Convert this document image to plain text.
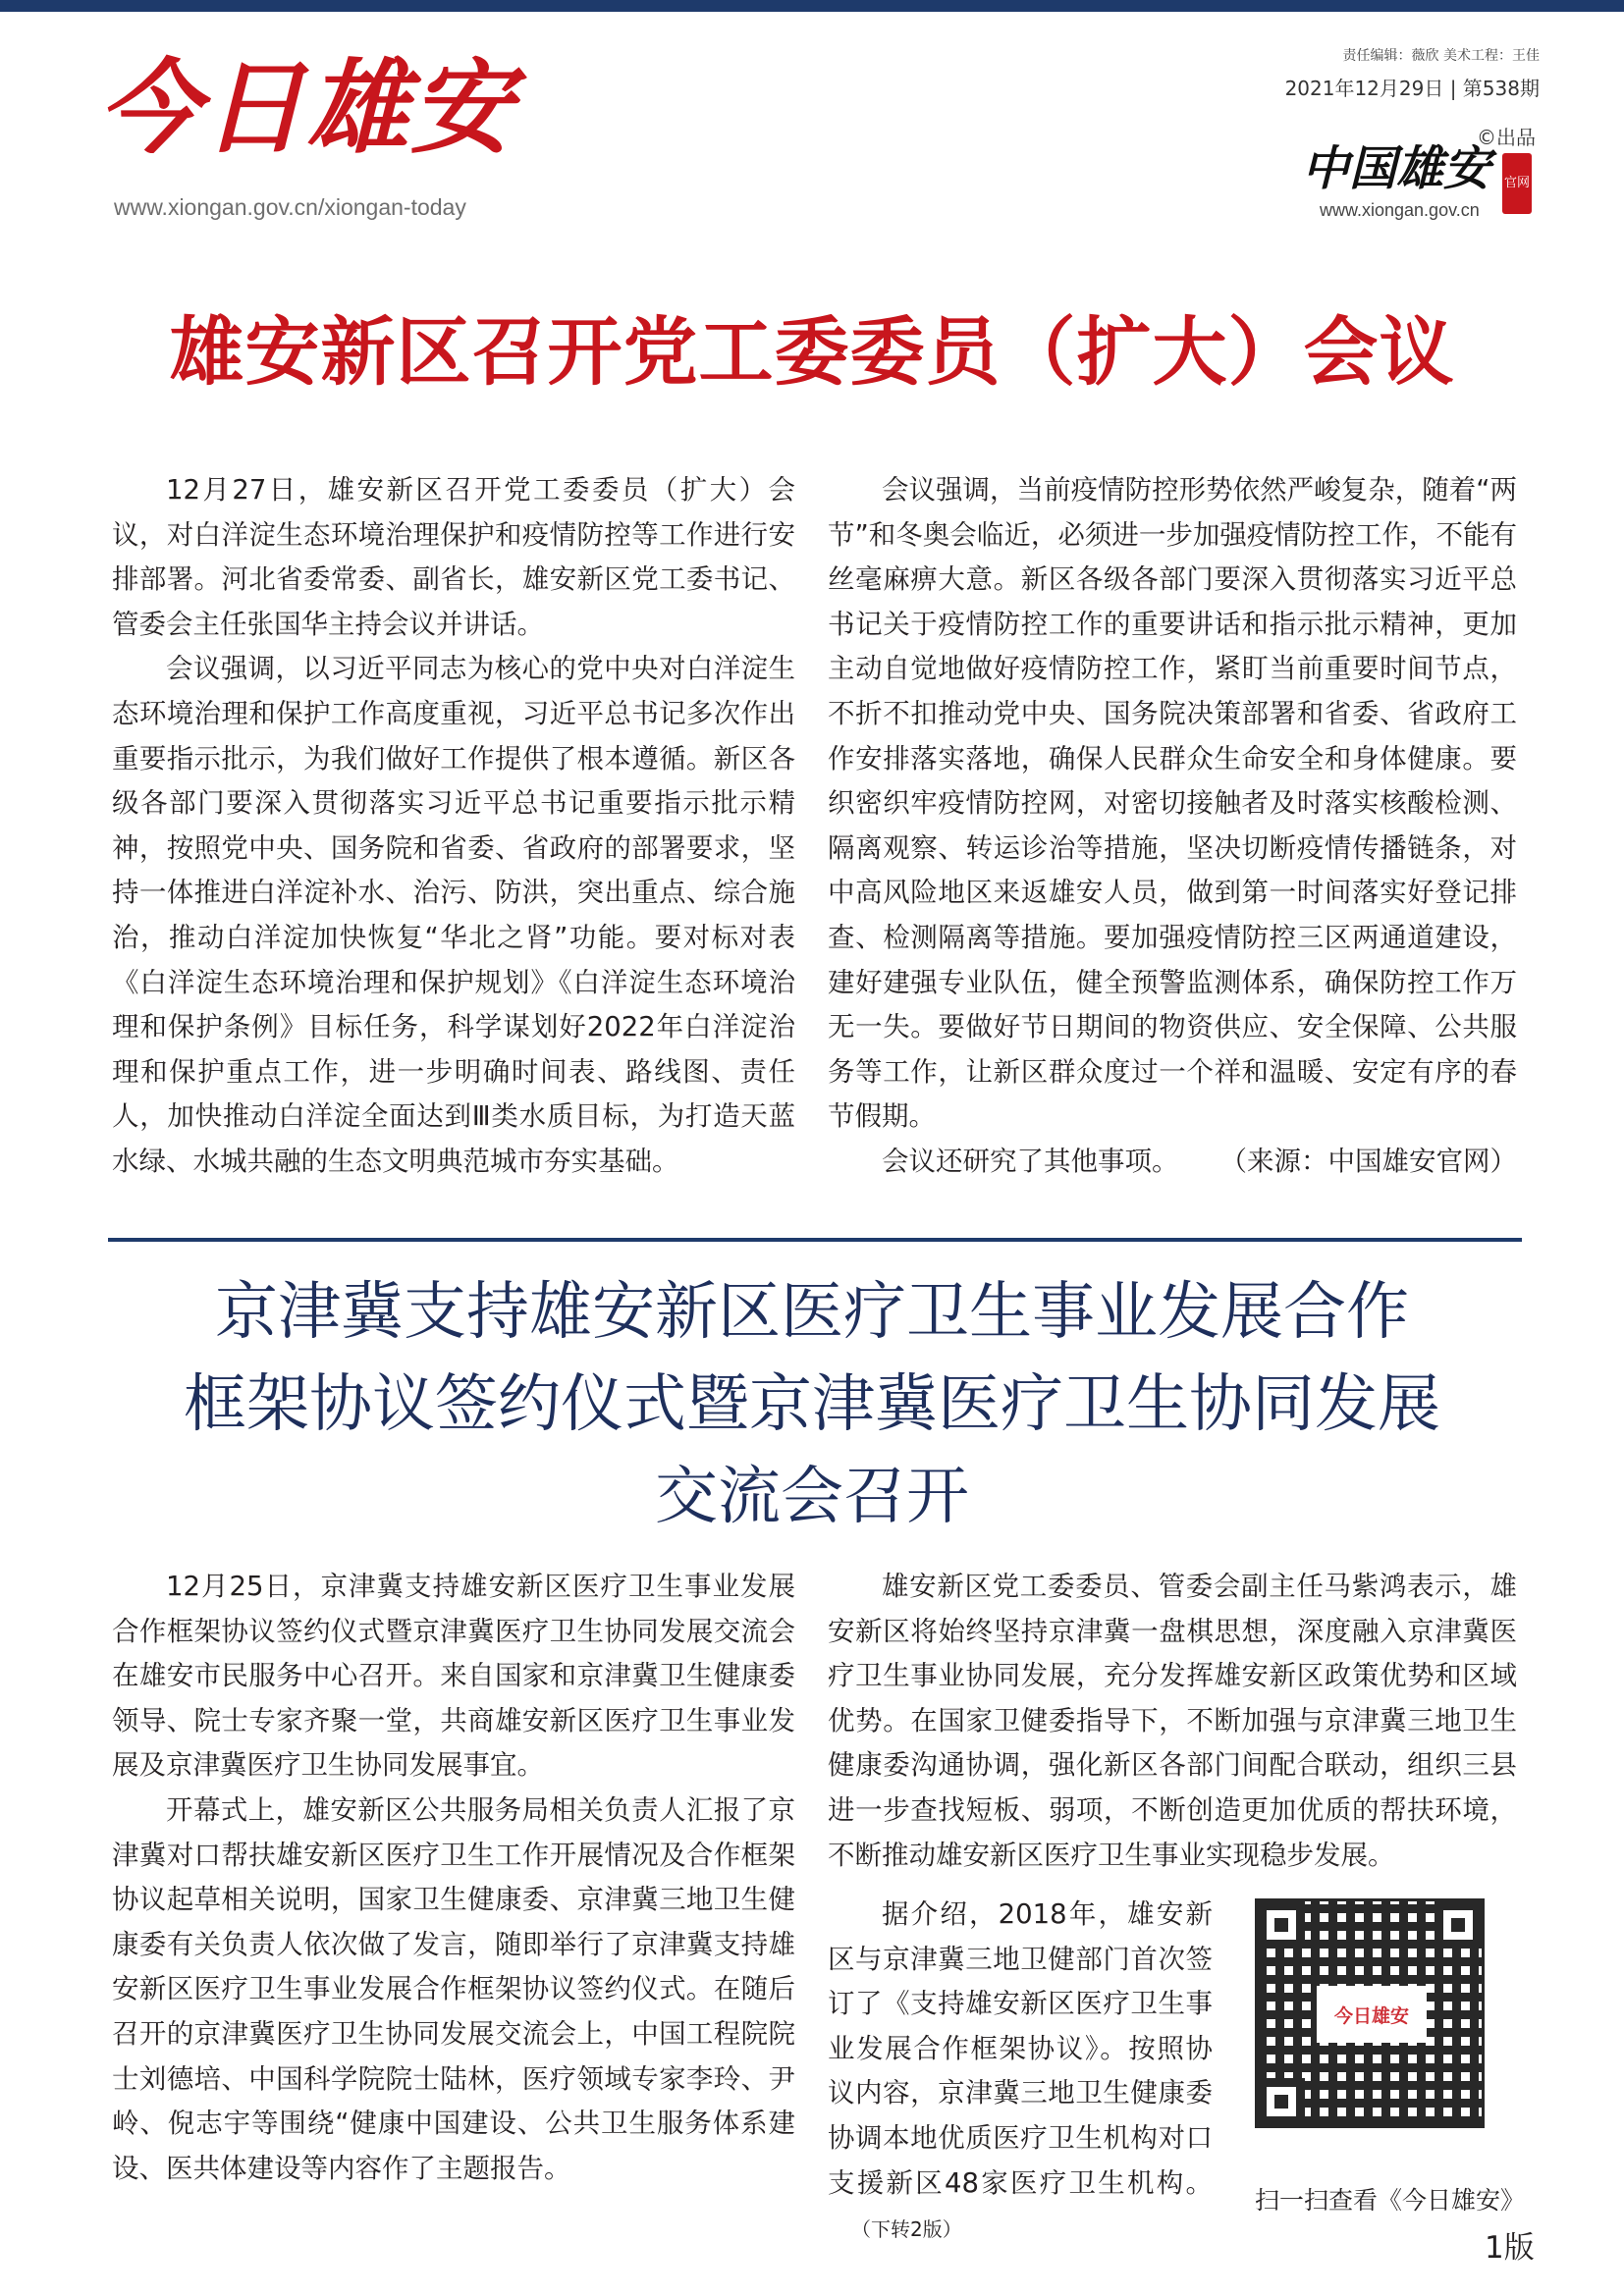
今日雄安
www.xiongan.gov.cn/xiongan-today
责任编辑：薇欣 美术工程：王佳
2021年12月29日 | 第538期
©出品
中国雄安 官网
www.xiongan.gov.cn
雄安新区召开党工委委员（扩大）会议

12月27日，雄安新区召开党工委委员（扩大）会议，对白洋淀生态环境治理保护和疫情防控等工作进行安排部署。河北省委常委、副省长，雄安新区党工委书记、管委会主任张国华主持会议并讲话。

会议强调，以习近平同志为核心的党中央对白洋淀生态环境治理和保护工作高度重视，习近平总书记多次作出重要指示批示，为我们做好工作提供了根本遵循。新区各级各部门要深入贯彻落实习近平总书记重要指示批示精神，按照党中央、国务院和省委、省政府的部署要求，坚持一体推进白洋淀补水、治污、防洪，突出重点、综合施治，推动白洋淀加快恢复“华北之肾”功能。要对标对表《白洋淀生态环境治理和保护规划》《白洋淀生态环境治理和保护条例》目标任务，科学谋划好2022年白洋淀治理和保护重点工作，进一步明确时间表、路线图、责任人，加快推动白洋淀全面达到Ⅲ类水质目标，为打造天蓝水绿、水城共融的生态文明典范城市夯实基础。

会议强调，当前疫情防控形势依然严峻复杂，随着“两节”和冬奥会临近，必须进一步加强疫情防控工作，不能有丝毫麻痹大意。新区各级各部门要深入贯彻落实习近平总书记关于疫情防控工作的重要讲话和指示批示精神，更加主动自觉地做好疫情防控工作，紧盯当前重要时间节点，不折不扣推动党中央、国务院决策部署和省委、省政府工作安排落实落地，确保人民群众生命安全和身体健康。要织密织牢疫情防控网，对密切接触者及时落实核酸检测、隔离观察、转运诊治等措施，坚决切断疫情传播链条，对中高风险地区来返雄安人员，做到第一时间落实好登记排查、检测隔离等措施。要加强疫情防控三区两通道建设，建好建强专业队伍，健全预警监测体系，确保防控工作万无一失。要做好节日期间的物资供应、安全保障、公共服务等工作，让新区群众度过一个祥和温暖、安定有序的春节假期。

会议还研究了其他事项。 （来源：中国雄安官网）

京津冀支持雄安新区医疗卫生事业发展合作
框架协议签约仪式暨京津冀医疗卫生协同发展
交流会召开

12月25日，京津冀支持雄安新区医疗卫生事业发展合作框架协议签约仪式暨京津冀医疗卫生协同发展交流会在雄安市民服务中心召开。来自国家和京津冀卫生健康委领导、院士专家齐聚一堂，共商雄安新区医疗卫生事业发展及京津冀医疗卫生协同发展事宜。

开幕式上，雄安新区公共服务局相关负责人汇报了京津冀对口帮扶雄安新区医疗卫生工作开展情况及合作框架协议起草相关说明，国家卫生健康委、京津冀三地卫生健康委有关负责人依次做了发言，随即举行了京津冀支持雄安新区医疗卫生事业发展合作框架协议签约仪式。在随后召开的京津冀医疗卫生协同发展交流会上，中国工程院院士刘德培、中国科学院院士陆林，医疗领域专家李玲、尹岭、倪志宇等围绕“健康中国建设、公共卫生服务体系建设、医共体建设等内容作了主题报告。

雄安新区党工委委员、管委会副主任马紫鸿表示，雄安新区将始终坚持京津冀一盘棋思想，深度融入京津冀医疗卫生事业协同发展，充分发挥雄安新区政策优势和区域优势。在国家卫健委指导下，不断加强与京津冀三地卫生健康委沟通协调，强化新区各部门间配合联动，组织三县进一步查找短板、弱项，不断创造更加优质的帮扶环境，不断推动雄安新区医疗卫生事业实现稳步发展。

据介绍，2018年，雄安新区与京津冀三地卫健部门首次签订了《支持雄安新区医疗卫生事业发展合作框架协议》。按照协议内容，京津冀三地卫生健康委协调本地优质医疗卫生机构对口支援新区48家医疗卫生机构。（下转2版）

今日雄安
扫一扫查看《今日雄安》
1版
